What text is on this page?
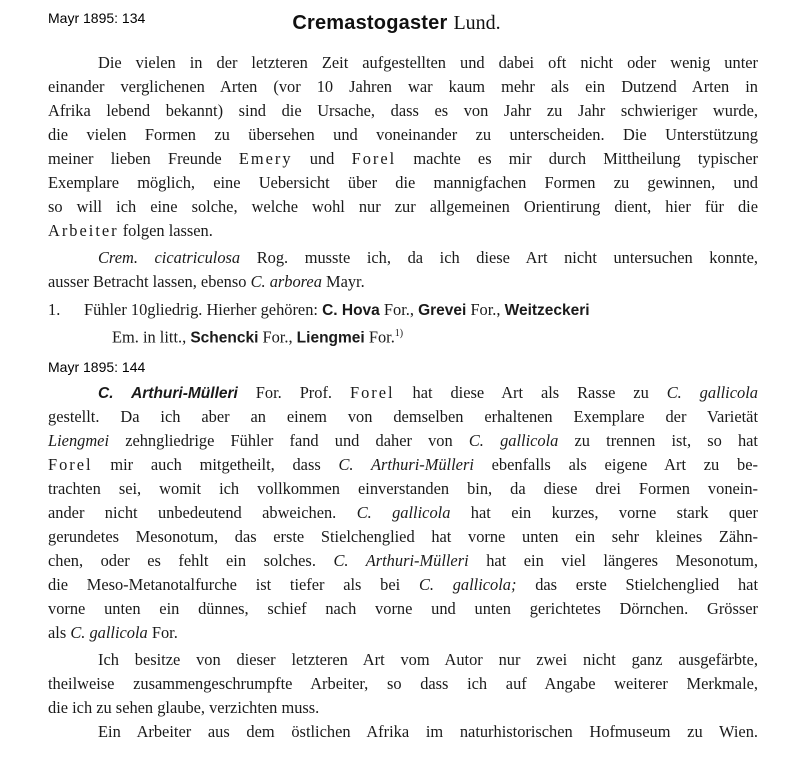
Mayr 1895: 134	Cremastogaster Lund.
Die vielen in der letzteren Zeit aufgestellten und dabei oft nicht oder wenig unter
einander verglichenen Arten (vor 10 Jahren war kaum mehr als ein Dutzend Arten in
Afrika lebend bekannt) sind die Ursache, dass es von Jahr zu Jahr schwieriger wurde,
die vielen Formen zu übersehen und voneinander zu unterscheiden. Die Unterstützung
meiner lieben Freunde Emery und Forel machte es mir durch Mittheilung typischer
Exemplare möglich, eine Uebersicht über die mannigfachen Formen zu gewinnen, und
so will ich eine solche, welche wohl nur zur allgemeinen Orientirung dient, hier für die
Arbeiter folgen lassen.
Crem. cicatriculosa Rog. musste ich, da ich diese Art nicht untersuchen konnte,
ausser Betracht lassen, ebenso C. arborea Mayr.
1. Fühler 10gliedrig. Hierher gehören: C. Hova For., Grevei For., Weitzeckeri
Em. in litt., Schencki For., Liengmei For.$^{1)}$
Mayr 1895: 144
C. Arthuri-Mülleri For. Prof. Forel hat diese Art als Rasse zu C. gallicola
gestellt. Da ich aber an einem von demselben erhaltenen Exemplare der Varietät
Liengmei zehngliedrige Fühler fand und daher von C. gallicola zu trennen ist, so hat
Forel mir auch mitgetheilt, dass C. Arthuri-Mülleri ebenfalls als eigene Art zu be-
trachten sei, womit ich vollkommen einverstanden bin, da diese drei Formen vonein-
ander nicht unbedeutend abweichen. C. gallicola hat ein kurzes, vorne stark quer
gerundetes Mesonotum, das erste Stielchenglied hat vorne unten ein sehr kleines Zähn-
chen, oder es fehlt ein solches. C. Arthuri-Mülleri hat ein viel längeres Mesonotum,
die Meso-Metanotalfurche ist tiefer als bei C. gallicola; das erste Stielchenglied hat
vorne unten ein dünnes, schief nach vorne und unten gerichtetes Dörnchen. Grösser
als C. gallicola For.
Ich besitze von dieser letzteren Art vom Autor nur zwei nicht ganz ausgefärbte,
theilweise zusammengeschrumpfte Arbeiter, so dass ich auf Angabe weiterer Merkmale,
die ich zu sehen glaube, verzichten muss.
Ein Arbeiter aus dem östlichen Afrika im naturhistorischen Hofmuseum zu Wien.
